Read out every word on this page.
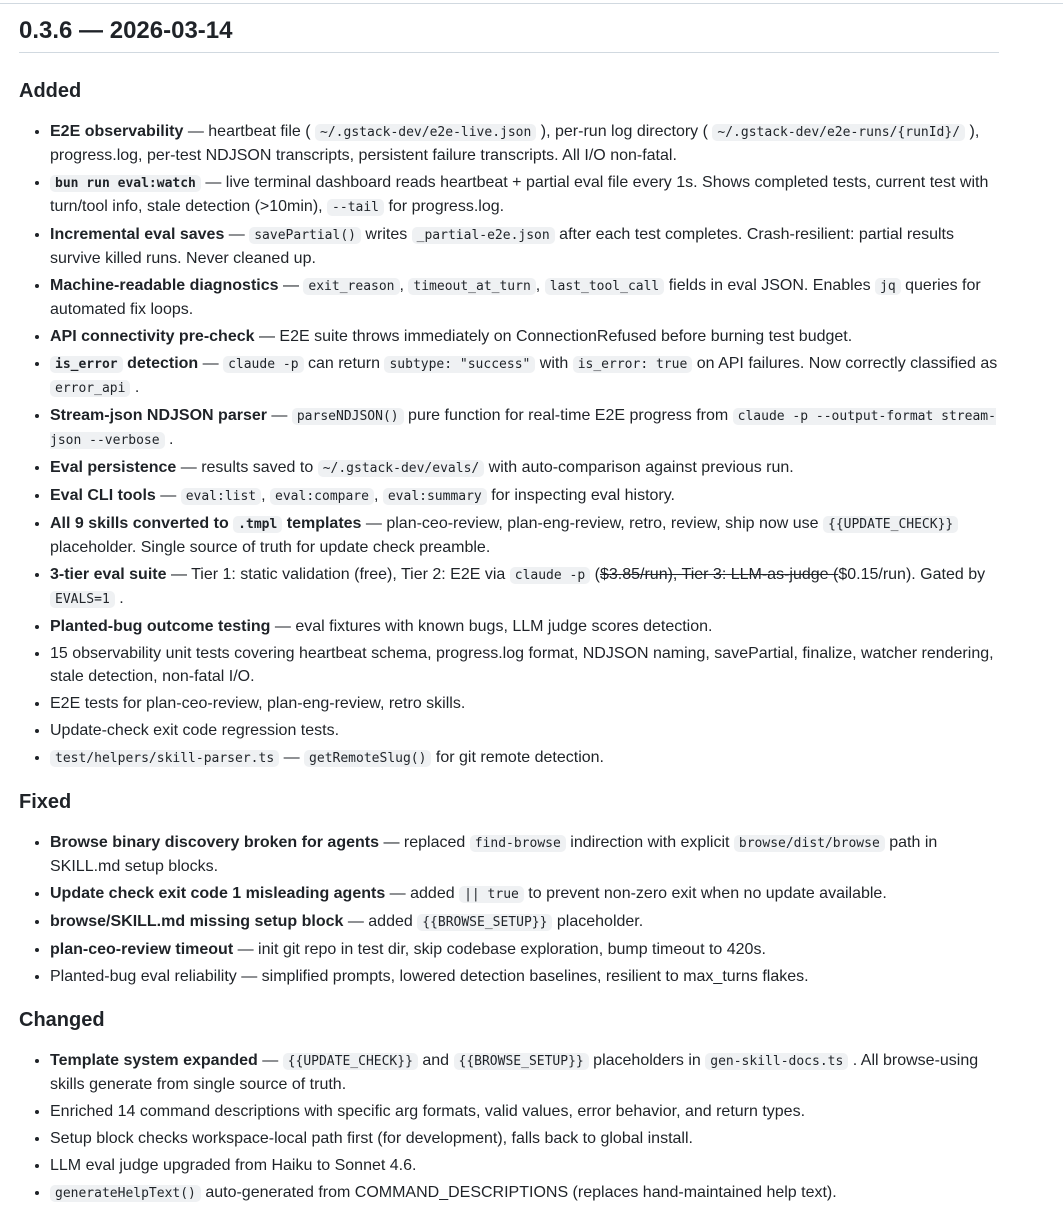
0.3.6 — 2026-03-14
Added
• E2E observability — heartbeat file ( ~/.gstack-dev/e2e-live.json ), per-run log directory ( ~/.gstack-dev/e2e-runs/{runId}/ ), progress.log, per-test NDJSON transcripts, persistent failure transcripts. All I/O non-fatal.
• bun run eval:watch — live terminal dashboard reads heartbeat + partial eval file every 1s. Shows completed tests, current test with turn/tool info, stale detection (>10min), --tail for progress.log.
• Incremental eval saves — savePartial() writes _partial-e2e.json after each test completes. Crash-resilient: partial results survive killed runs. Never cleaned up.
• Machine-readable diagnostics — exit_reason , timeout_at_turn , last_tool_call fields in eval JSON. Enables jq queries for automated fix loops.
• API connectivity pre-check — E2E suite throws immediately on ConnectionRefused before burning test budget.
• is_error detection — claude -p can return subtype: "success" with is_error: true on API failures. Now correctly classified as error_api .
• Stream-json NDJSON parser — parseNDJSON() pure function for real-time E2E progress from claude -p --output-format stream-json --verbose .
• Eval persistence — results saved to ~/.gstack-dev/evals/ with auto-comparison against previous run.
• Eval CLI tools — eval:list , eval:compare , eval:summary for inspecting eval history.
• All 9 skills converted to .tmpl templates — plan-ceo-review, plan-eng-review, retro, review, ship now use {{UPDATE_CHECK}} placeholder. Single source of truth for update check preamble.
• 3-tier eval suite — Tier 1: static validation (free), Tier 2: E2E via claude -p ($3.85/run), Tier 3: LLM-as-judge ($0.15/run). Gated by EVALS=1 .
• Planted-bug outcome testing — eval fixtures with known bugs, LLM judge scores detection.
• 15 observability unit tests covering heartbeat schema, progress.log format, NDJSON naming, savePartial, finalize, watcher rendering, stale detection, non-fatal I/O.
• E2E tests for plan-ceo-review, plan-eng-review, retro skills.
• Update-check exit code regression tests.
• test/helpers/skill-parser.ts — getRemoteSlug() for git remote detection.
Fixed
• Browse binary discovery broken for agents — replaced find-browse indirection with explicit browse/dist/browse path in SKILL.md setup blocks.
• Update check exit code 1 misleading agents — added || true to prevent non-zero exit when no update available.
• browse/SKILL.md missing setup block — added {{BROWSE_SETUP}} placeholder.
• plan-ceo-review timeout — init git repo in test dir, skip codebase exploration, bump timeout to 420s.
• Planted-bug eval reliability — simplified prompts, lowered detection baselines, resilient to max_turns flakes.
Changed
• Template system expanded — {{UPDATE_CHECK}} and {{BROWSE_SETUP}} placeholders in gen-skill-docs.ts . All browse-using skills generate from single source of truth.
• Enriched 14 command descriptions with specific arg formats, valid values, error behavior, and return types.
• Setup block checks workspace-local path first (for development), falls back to global install.
• LLM eval judge upgraded from Haiku to Sonnet 4.6.
• generateHelpText() auto-generated from COMMAND_DESCRIPTIONS (replaces hand-maintained help text).
